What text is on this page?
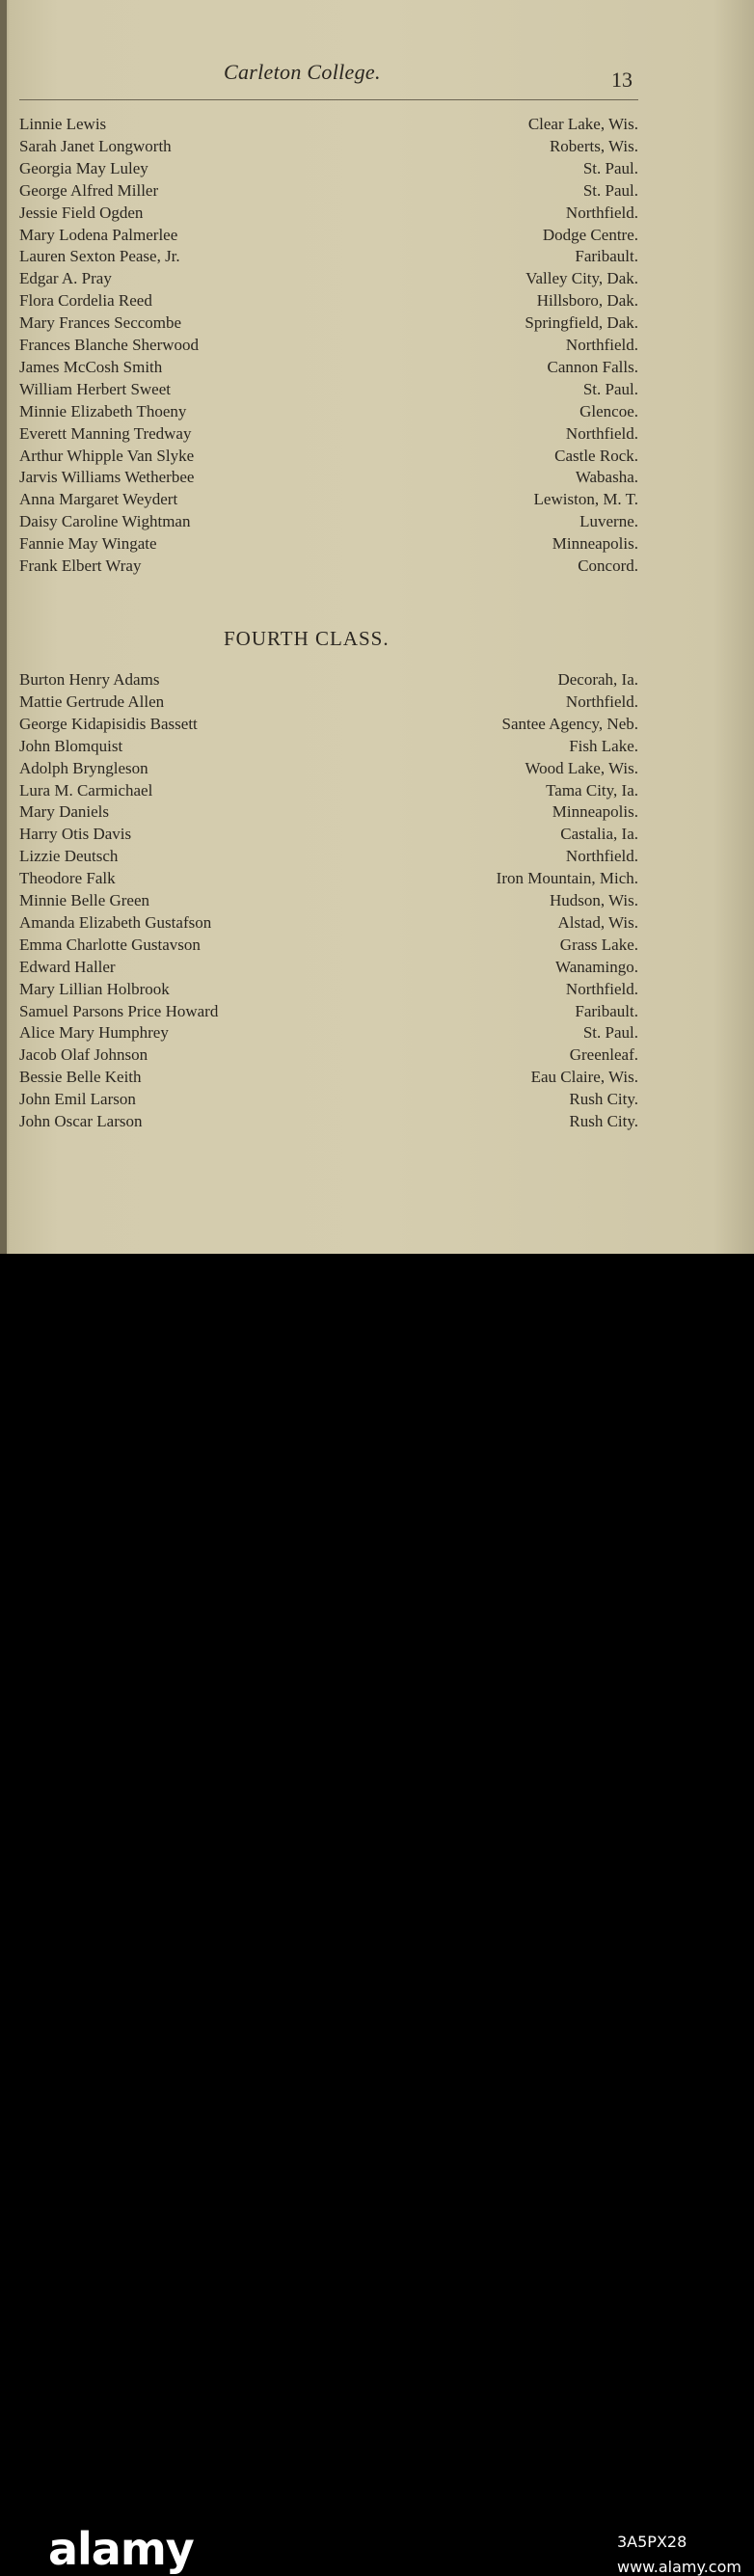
Carleton College.	13
Linnie Lewis	Clear Lake, Wis.
Sarah Janet Longworth	Roberts, Wis.
Georgia May Luley	St. Paul.
George Alfred Miller	St. Paul.
Jessie Field Ogden	Northfield.
Mary Lodena Palmerlee	Dodge Centre.
Lauren Sexton Pease, Jr.	Faribault.
Edgar A. Pray	Valley City, Dak.
Flora Cordelia Reed	Hillsboro, Dak.
Mary Frances Seccombe	Springfield, Dak.
Frances Blanche Sherwood	Northfield.
James McCosh Smith	Cannon Falls.
William Herbert Sweet	St. Paul.
Minnie Elizabeth Thoeny	Glencoe.
Everett Manning Tredway	Northfield.
Arthur Whipple Van Slyke	Castle Rock.
Jarvis Williams Wetherbee	Wabasha.
Anna Margaret Weydert	Lewiston, M. T.
Daisy Caroline Wightman	Luverne.
Fannie May Wingate	Minneapolis.
Frank Elbert Wray	Concord.
FOURTH CLASS.
Burton Henry Adams	Decorah, Ia.
Mattie Gertrude Allen	Northfield.
George Kidapisidis Bassett	Santee Agency, Neb.
John Blomquist	Fish Lake.
Adolph Bryngleson	Wood Lake, Wis.
Lura M. Carmichael	Tama City, Ia.
Mary Daniels	Minneapolis.
Harry Otis Davis	Castalia, Ia.
Lizzie Deutsch	Northfield.
Theodore Falk	Iron Mountain, Mich.
Minnie Belle Green	Hudson, Wis.
Amanda Elizabeth Gustafson	Alstad, Wis.
Emma Charlotte Gustavson	Grass Lake.
Edward Haller	Wanamingo.
Mary Lillian Holbrook	Northfield.
Samuel Parsons Price Howard	Faribault.
Alice Mary Humphrey	St. Paul.
Jacob Olaf Johnson	Greenleaf.
Bessie Belle Keith	Eau Claire, Wis.
John Emil Larson	Rush City.
John Oscar Larson	Rush City.
alamy	3A5PX28
www.alamy.com
